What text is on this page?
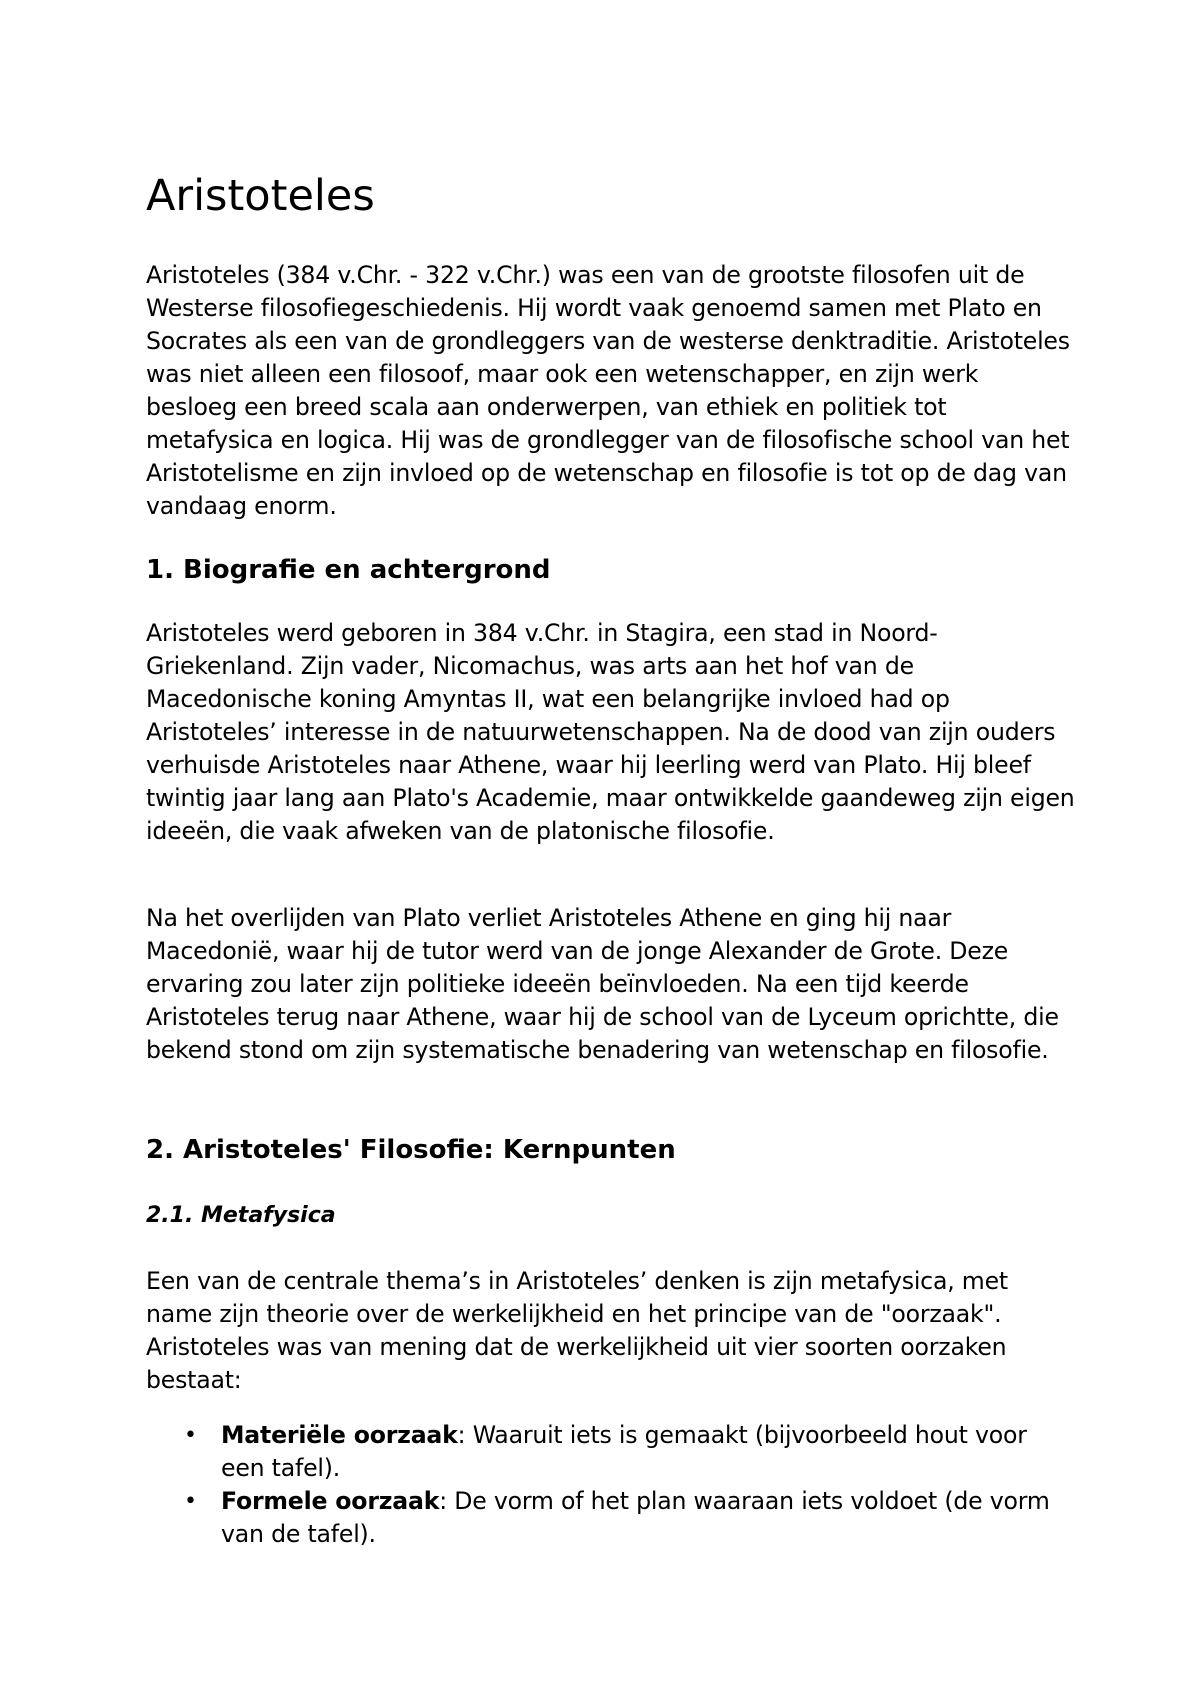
Aristoteles

Aristoteles (384 v.Chr. - 322 v.Chr.) was een van de grootste filosofen uit de Westerse filosofiegeschiedenis. Hij wordt vaak genoemd samen met Plato en Socrates als een van de grondleggers van de westerse denktraditie. Aristoteles was niet alleen een filosoof, maar ook een wetenschapper, en zijn werk besloeg een breed scala aan onderwerpen, van ethiek en politiek tot metafysica en logica. Hij was de grondlegger van de filosofische school van het Aristotelisme en zijn invloed op de wetenschap en filosofie is tot op de dag van vandaag enorm.

1. Biografie en achtergrond

Aristoteles werd geboren in 384 v.Chr. in Stagira, een stad in Noord-Griekenland. Zijn vader, Nicomachus, was arts aan het hof van de Macedonische koning Amyntas II, wat een belangrijke invloed had op Aristoteles’ interesse in de natuurwetenschappen. Na de dood van zijn ouders verhuisde Aristoteles naar Athene, waar hij leerling werd van Plato. Hij bleef twintig jaar lang aan Plato's Academie, maar ontwikkelde gaandeweg zijn eigen ideeën, die vaak afweken van de platonische filosofie.

Na het overlijden van Plato verliet Aristoteles Athene en ging hij naar Macedonië, waar hij de tutor werd van de jonge Alexander de Grote. Deze ervaring zou later zijn politieke ideeën beïnvloeden. Na een tijd keerde Aristoteles terug naar Athene, waar hij de school van de Lyceum oprichtte, die bekend stond om zijn systematische benadering van wetenschap en filosofie.

2. Aristoteles' Filosofie: Kernpunten
2.1. Metafysica

Een van de centrale thema’s in Aristoteles’ denken is zijn metafysica, met name zijn theorie over de werkelijkheid en het principe van de "oorzaak". Aristoteles was van mening dat de werkelijkheid uit vier soorten oorzaken bestaat:

• Materiële oorzaak: Waaruit iets is gemaakt (bijvoorbeeld hout voor een tafel).
• Formele oorzaak: De vorm of het plan waaraan iets voldoet (de vorm van de tafel).
